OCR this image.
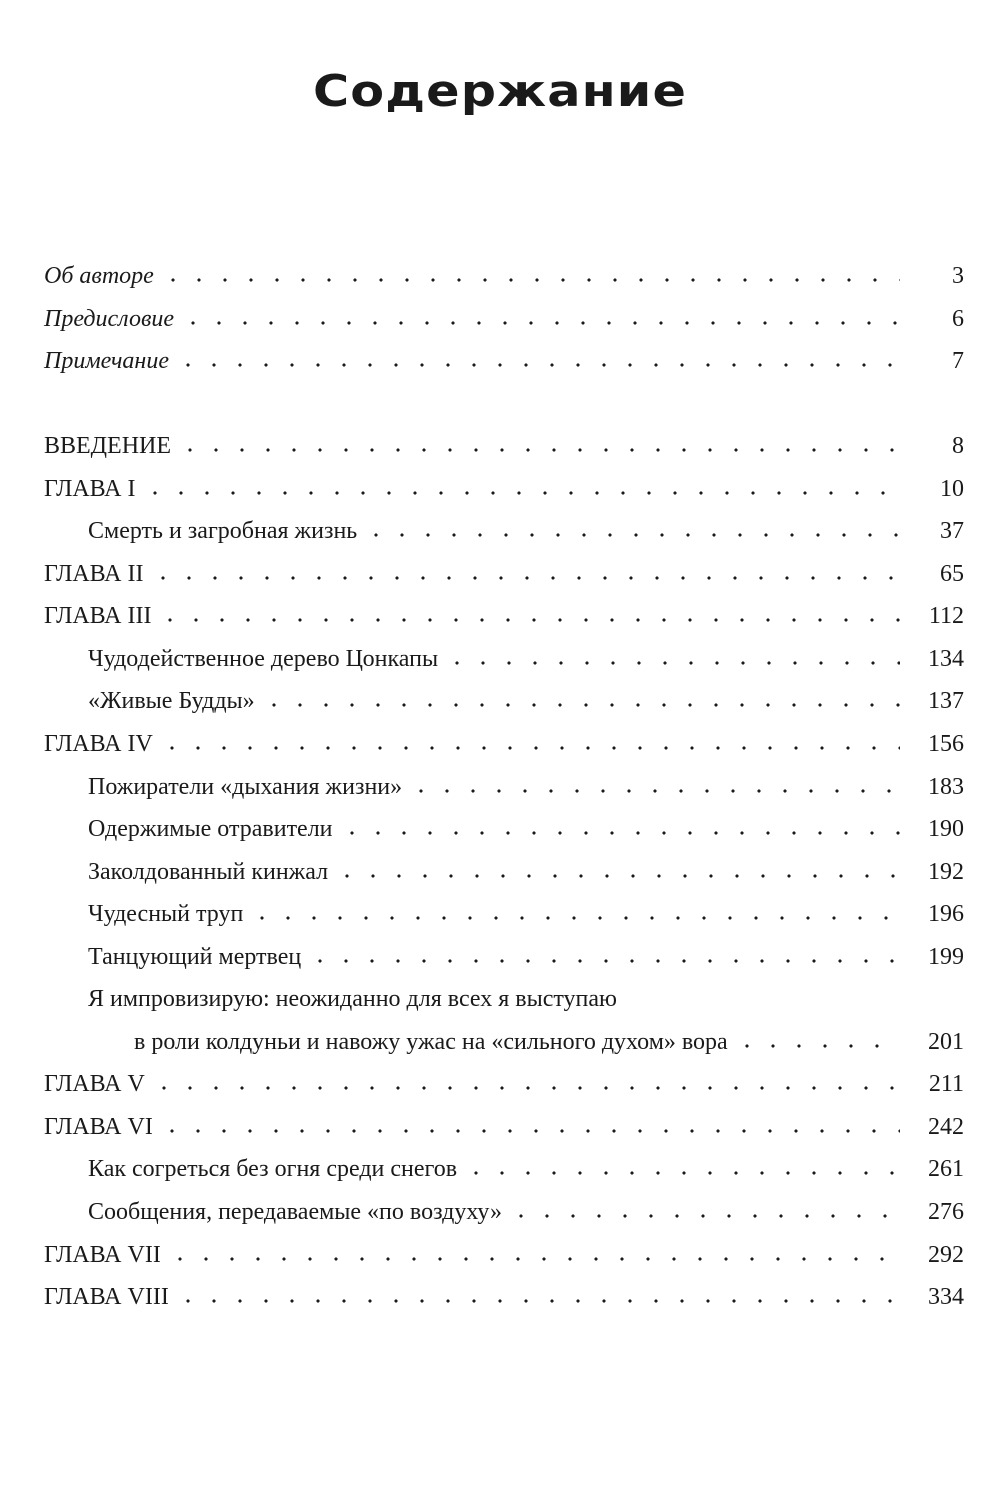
Содержание
Об авторе	3
Предисловие	6
Примечание	7
ВВЕДЕНИЕ	8
ГЛАВА I	10
Смерть и загробная жизнь	37
ГЛАВА II	65
ГЛАВА III	112
Чудодейственное дерево Цонкапы	134
«Живые Будды»	137
ГЛАВА IV	156
Пожиратели «дыхания жизни»	183
Одержимые отравители	190
Заколдованный кинжал	192
Чудесный труп	196
Танцующий мертвец	199
Я импровизирую: неожиданно для всех я выступаю
в роли колдуньи и навожу ужас на «сильного духом» вора	201
ГЛАВА V	211
ГЛАВА VI	242
Как согреться без огня среди снегов	261
Сообщения, передаваемые «по воздуху»	276
ГЛАВА VII	292
ГЛАВА VIII	334
